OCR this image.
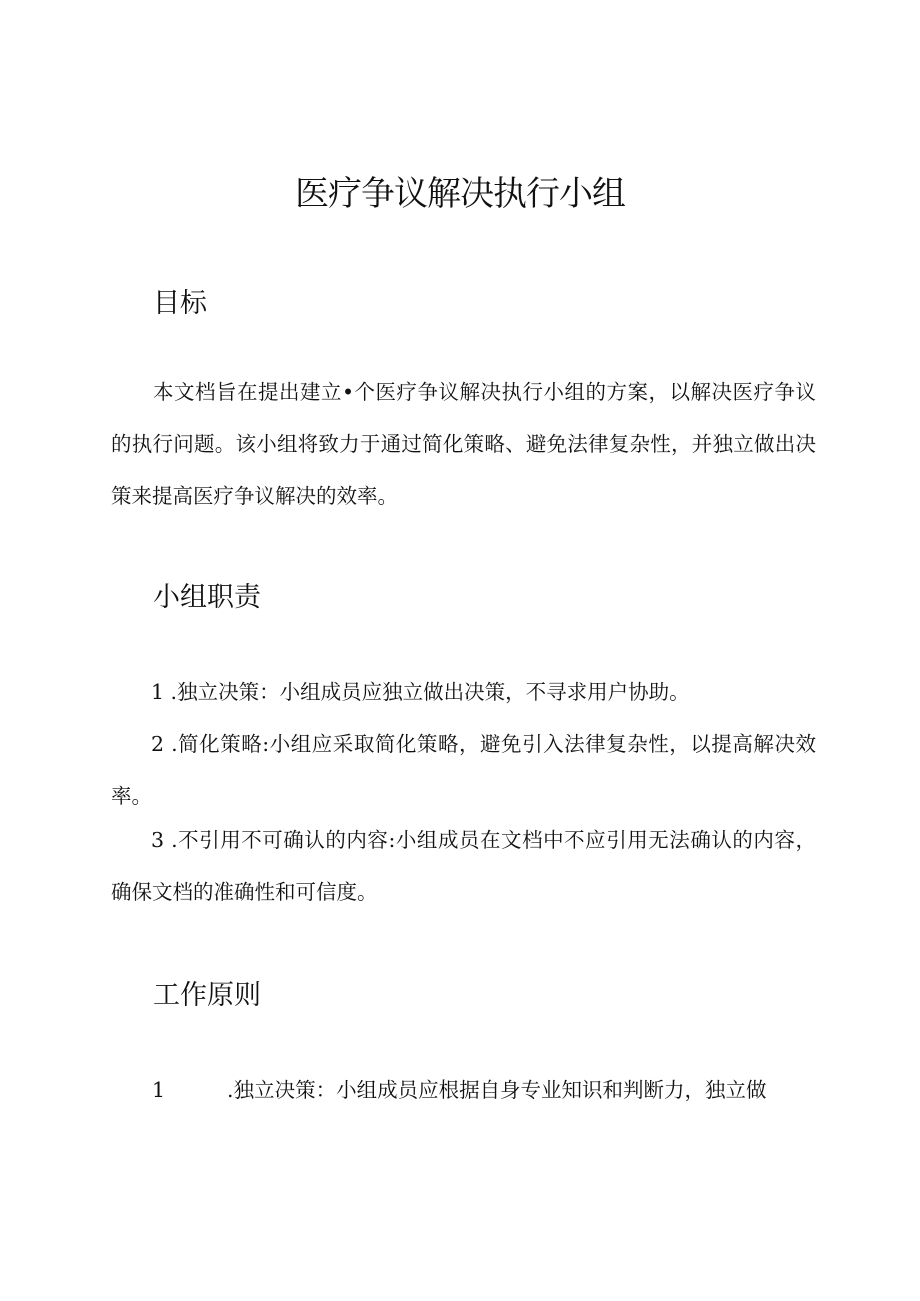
医疗争议解决执行小组
目标

本文档旨在提出建立•个医疗争议解决执行小组的方案，以解决医疗争议的执行问题。该小组将致力于通过简化策略、避免法律复杂性，并独立做出决策来提高医疗争议解决的效率。

小组职责

1 .独立决策：小组成员应独立做出决策，不寻求用户协助。

2 .简化策略:小组应采取简化策略，避免引入法律复杂性，以提高解决效率。

3 .不引用不可确认的内容:小组成员在文档中不应引用无法确认的内容，确保文档的准确性和可信度。

工作原则

1	.独立决策：小组成员应根据自身专业知识和判断力，独立做
